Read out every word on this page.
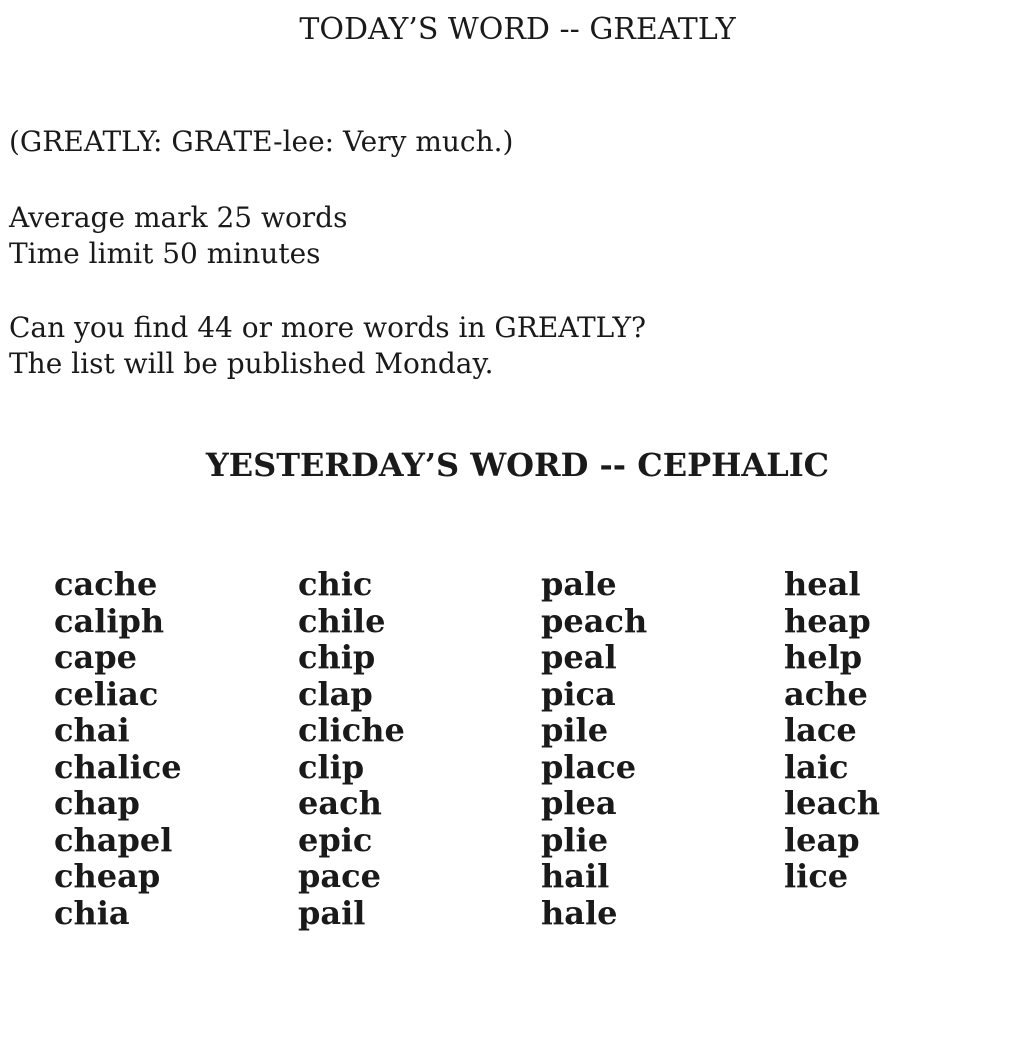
TODAY’S WORD -- GREATLY
(GREATLY: GRATE-lee: Very much.)
Average mark 25 words
Time limit 50 minutes
Can you find 44 or more words in GREATLY?
The list will be published Monday.
YESTERDAY’S WORD -- CEPHALIC
cache
caliph
cape
celiac
chai
chalice
chap
chapel
cheap
chia
chic
chile
chip
clap
cliche
clip
each
epic
pace
pail
pale
peach
peal
pica
pile
place
plea
plie
hail
hale
heal
heap
help
ache
lace
laic
leach
leap
lice
